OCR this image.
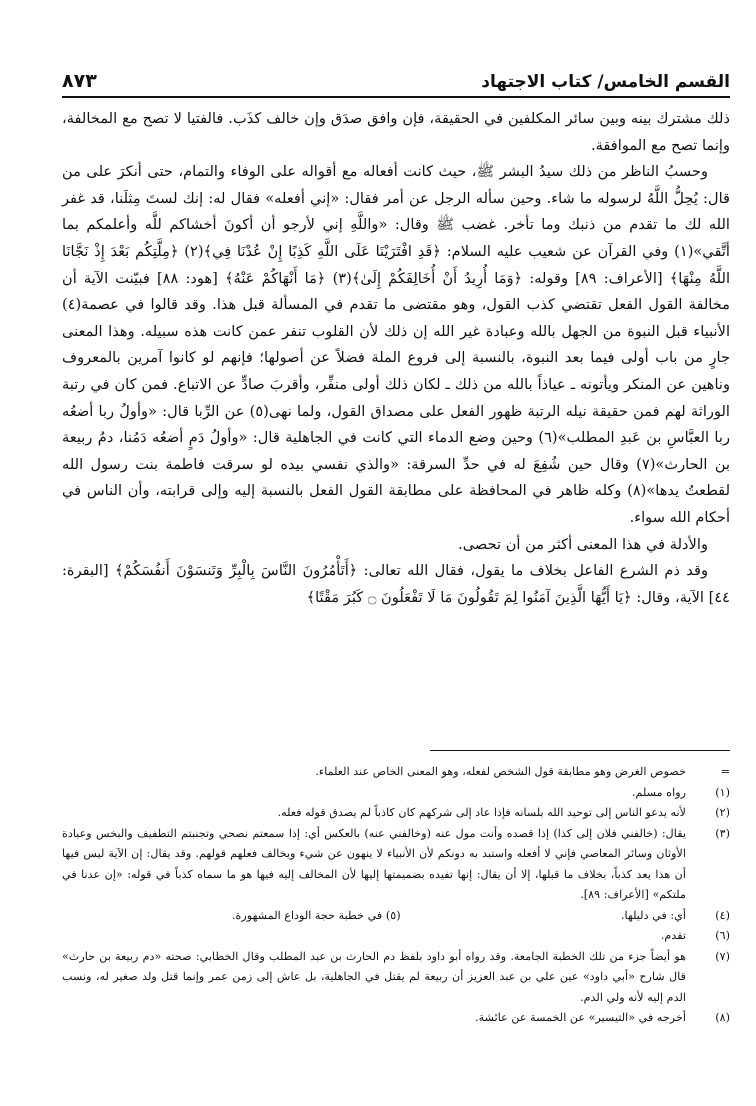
القسم الخامس/ كتاب الاجتهاد
٨٧٣

ذلك مشترك بينه وبين سائر المكلفين في الحقيقة، فإن وافق صدَق وإن خالف كذَب. فالفتيا لا تصح مع المخالفة، وإنما تصح مع الموافقة.

وحسبُ الناظر من ذلك سيدُ البشر ﷺ، حيث كانت أفعاله مع أقواله على الوفاء والتمام، حتى أنكرَ على من قال: يُحِلُّ اللَّهُ لرسوله ما شاء. وحين سأله الرجل عن أمر فقال: «إني أفعله» فقال له: إنك لستَ مِثلَنا، قد غفر الله لك ما تقدم من ذنبك وما تأخر. غضب ﷺ وقال: «واللَّهِ إني لأرجو أن أكونَ أخشاكم للَّه وأعلمكم بما أتَّقي»(١) وفي القرآن عن شعيب عليه السلام: ﴿قَدِ افْتَرَيْنَا عَلَى اللَّهِ كَذِبًا إِنْ عُدْنَا فِي﴾(٢) ﴿مِلَّتِكُم بَعْدَ إِذْ نَجَّانَا اللَّهُ مِنْهَا﴾ [الأعراف: ٨٩] وقوله: ﴿وَمَا أُرِيدُ أَنْ أُخَالِفَكُمْ إِلَىٰ﴾(٣) ﴿مَا أَنْهَاكُمْ عَنْهُ﴾ [هود: ٨٨] فبيّنت الآية أن مخالفة القول الفعل تقتضي كذب القول، وهو مقتضى ما تقدم في المسألة قبل هذا. وقد قالوا في عصمة(٤) الأنبياء قبل النبوة من الجهل بالله وعبادة غير الله إن ذلك لأن القلوب تنفر عمن كانت هذه سبيله. وهذا المعنى جارٍ من باب أولى فيما بعد النبوة، بالنسبة إلى فروع الملة فضلاً عن أصولها؛ فإنهم لو كانوا آمرين بالمعروف وناهين عن المنكر ويأتونه ـ عياذاً بالله من ذلك ـ لكان ذلك أولى منفِّر، وأقربَ صادٍّ عن الاتباع. فمن كان في رتبة الوراثة لهم فمن حقيقة نيله الرتبة ظهور الفعل على مصداق القول، ولما نهى(٥) عن الرِّبا قال: «وأولُ ربا أضعُه ربا العبَّاسِ بن عَبدِ المطلب»(٦) وحين وضع الدماء التي كانت في الجاهلية قال: «وأولُ دَمٍ أضعُه دَمُنا، دمُ ربيعة بن الحارث»(٧) وقال حين شُفِعَ له في حدِّ السرقة: «والذي نفسي بيده لو سرقت فاطمة بنت رسول الله لقطعتُ يدها»(٨) وكله ظاهر في المحافظة على مطابقة القول الفعل بالنسبة إليه وإلى قرابته، وأن الناس في أحكام الله سواء.

والأدلة في هذا المعنى أكثر من أن تحصى.

وقد ذم الشرع الفاعل بخلاف ما يقول، فقال الله تعالى: ﴿أَتَأْمُرُونَ النَّاسَ بِالْبِرِّ وَتَنسَوْنَ أَنفُسَكُمْ﴾ [البقرة: ٤٤] الآية، وقال: ﴿يَا أَيُّهَا الَّذِينَ آمَنُوا لِمَ تَقُولُونَ مَا لَا تَفْعَلُونَ ۝ كَبُرَ مَقْتًا﴾

=
خصوص الغرض وهو مطابقة قول الشخص لفعله، وهو المعنى الخاص عند العلماء.
(١)
رواه مسلم.
(٢)
لأنه يدعو الناس إلى توحيد الله بلسانه فإذا عاد إلى شركهم كان كاذباً لم يصدق قوله فعله.
(٣)
يقال: (خالفني فلان إلى كذا) إذا قصده وأنت مول عنه (وخالفني عنه) بالعكس أي: إذا سمعتم نصحي وتجنبتم التطفيف والبخس وعبادة الأوثان وسائر المعاصي فإني لا أفعله واستبد به دونكم لأن الأنبياء لا ينهون عن شيء ويخالف فعلهم قولهم. وقد يقال: إن الآية ليس فيها أن هذا يعد كذباً، بخلاف ما قبلها، إلا أن يقال: إنها تفيده بضميمتها إليها لأن المخالف إليه فيها هو ما سماه كذباً في قوله: «إن عدنا في ملتكم» [الأعراف: ٨٩].
(٤)
أي: في دليلها.
(٥) في خطبة حجة الوداع المشهورة.
(٦)
تقدم.
(٧)
هو أيضاً جزء من تلك الخطبة الجامعة. وقد رواه أبو داود بلفظ دم الحارث بن عبد المطلب وقال الخطابي: صحته «دم ربيعة بن حارث» قال شارح «أبي داود» عين علي بن عبد العزيز أن ربيعة لم يقتل في الجاهلية، بل عاش إلى زمن عمر وإنما قتل ولد صغير له، ونسب الدم إليه لأنه ولي الدم.
(٨)
أخرجه في «التيسير» عن الخمسة عن عائشة.
